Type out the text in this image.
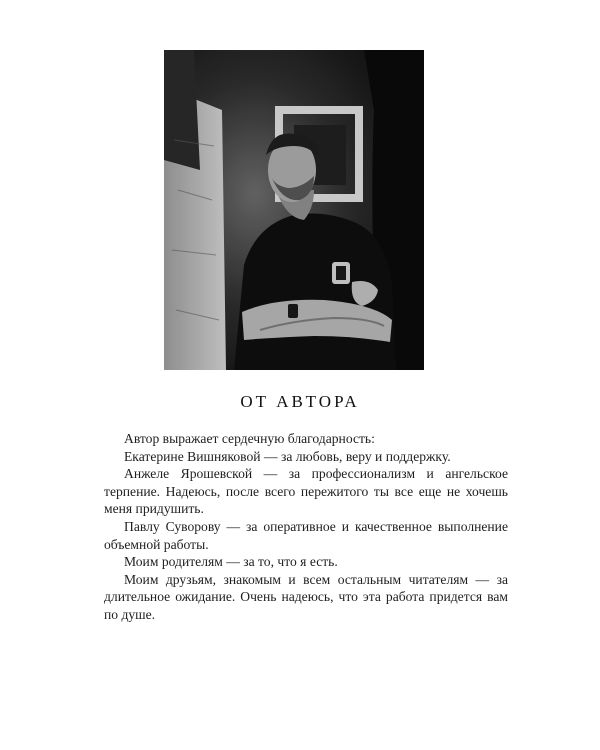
ОТ АВТОРА

Автор выражает сердечную благодарность:

Екатерине Вишняковой — за любовь, веру и поддержку.

Анжеле Ярошевской — за профессионализм и ангельское терпение. Надеюсь, после всего пережитого ты все еще не хочешь меня придушить.

Павлу Суворову — за оперативное и качественное выполнение объемной работы.

Моим родителям — за то, что я есть.

Моим друзьям, знакомым и всем остальным читателям — за длительное ожидание. Очень надеюсь, что эта работа придется вам по душе.
